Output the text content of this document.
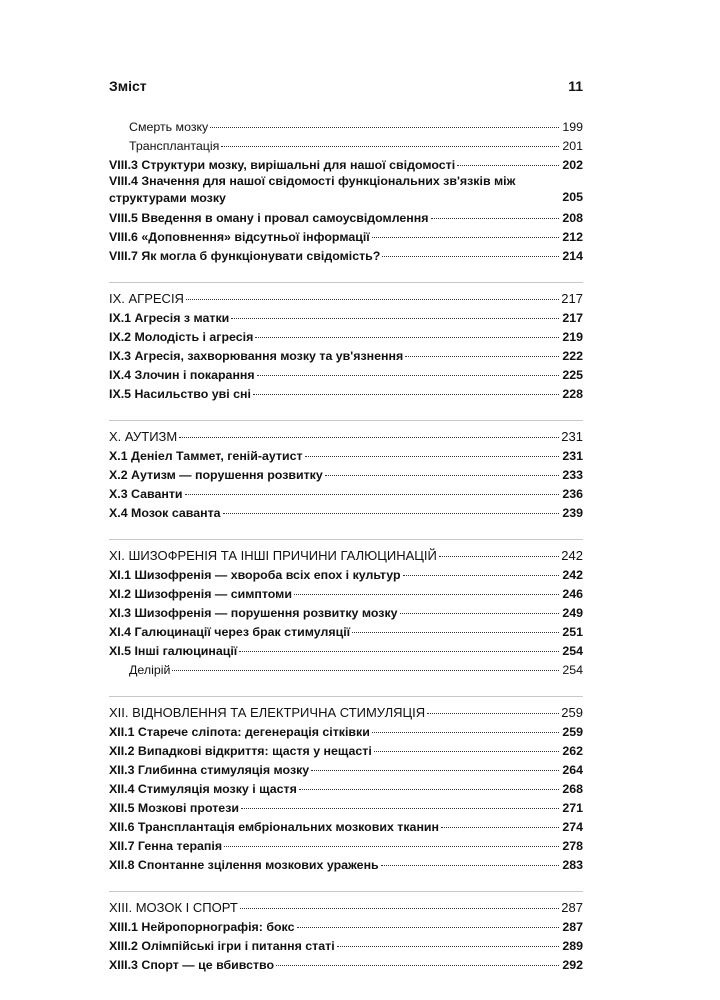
Зміст	11
Смерть мозку	199
Трансплантація	201
VIII.3 Структури мозку, вирішальні для нашої свідомості	202
VIII.4 Значення для нашої свідомості функціональних зв'язків між структурами мозку	205
VIII.5 Введення в оману і провал самоусвідомлення	208
VIII.6 «Доповнення» відсутньої інформації	212
VIII.7 Як могла б функціонувати свідомість?	214
IX. АГРЕСІЯ	217
IX.1 Агресія з матки	217
IX.2 Молодість і агресія	219
IX.3 Агресія, захворювання мозку та ув'язнення	222
IX.4 Злочин і покарання	225
IX.5 Насильство уві сні	228
X. АУТИЗМ	231
X.1 Деніел Таммет, геній-аутист	231
X.2 Аутизм — порушення розвитку	233
X.3 Саванти	236
X.4 Мозок саванта	239
XI. ШИЗОФРЕНІЯ ТА ІНШІ ПРИЧИНИ ГАЛЮЦИНАЦІЙ	242
XI.1 Шизофренія — хвороба всіх епох і культур	242
XI.2 Шизофренія — симптоми	246
XI.3 Шизофренія — порушення розвитку мозку	249
XI.4 Галюцинації через брак стимуляції	251
XI.5 Інші галюцинації	254
Делірій	254
XII. ВІДНОВЛЕННЯ ТА ЕЛЕКТРИЧНА СТИМУЛЯЦІЯ	259
XII.1 Старече сліпота: дегенерація сітківки	259
XII.2 Випадкові відкриття: щастя у нещасті	262
XII.3 Глибинна стимуляція мозку	264
XII.4 Стимуляція мозку і щастя	268
XII.5 Мозкові протези	271
XII.6 Трансплантація ембріональних мозкових тканин	274
XII.7 Генна терапія	278
XII.8 Спонтанне зцілення мозкових уражень	283
XIII. МОЗОК І СПОРТ	287
XIII.1 Нейропорнографія: бокс	287
XIII.2 Олімпійські ігри і питання статі	289
XIII.3 Спорт — це вбивство	292
